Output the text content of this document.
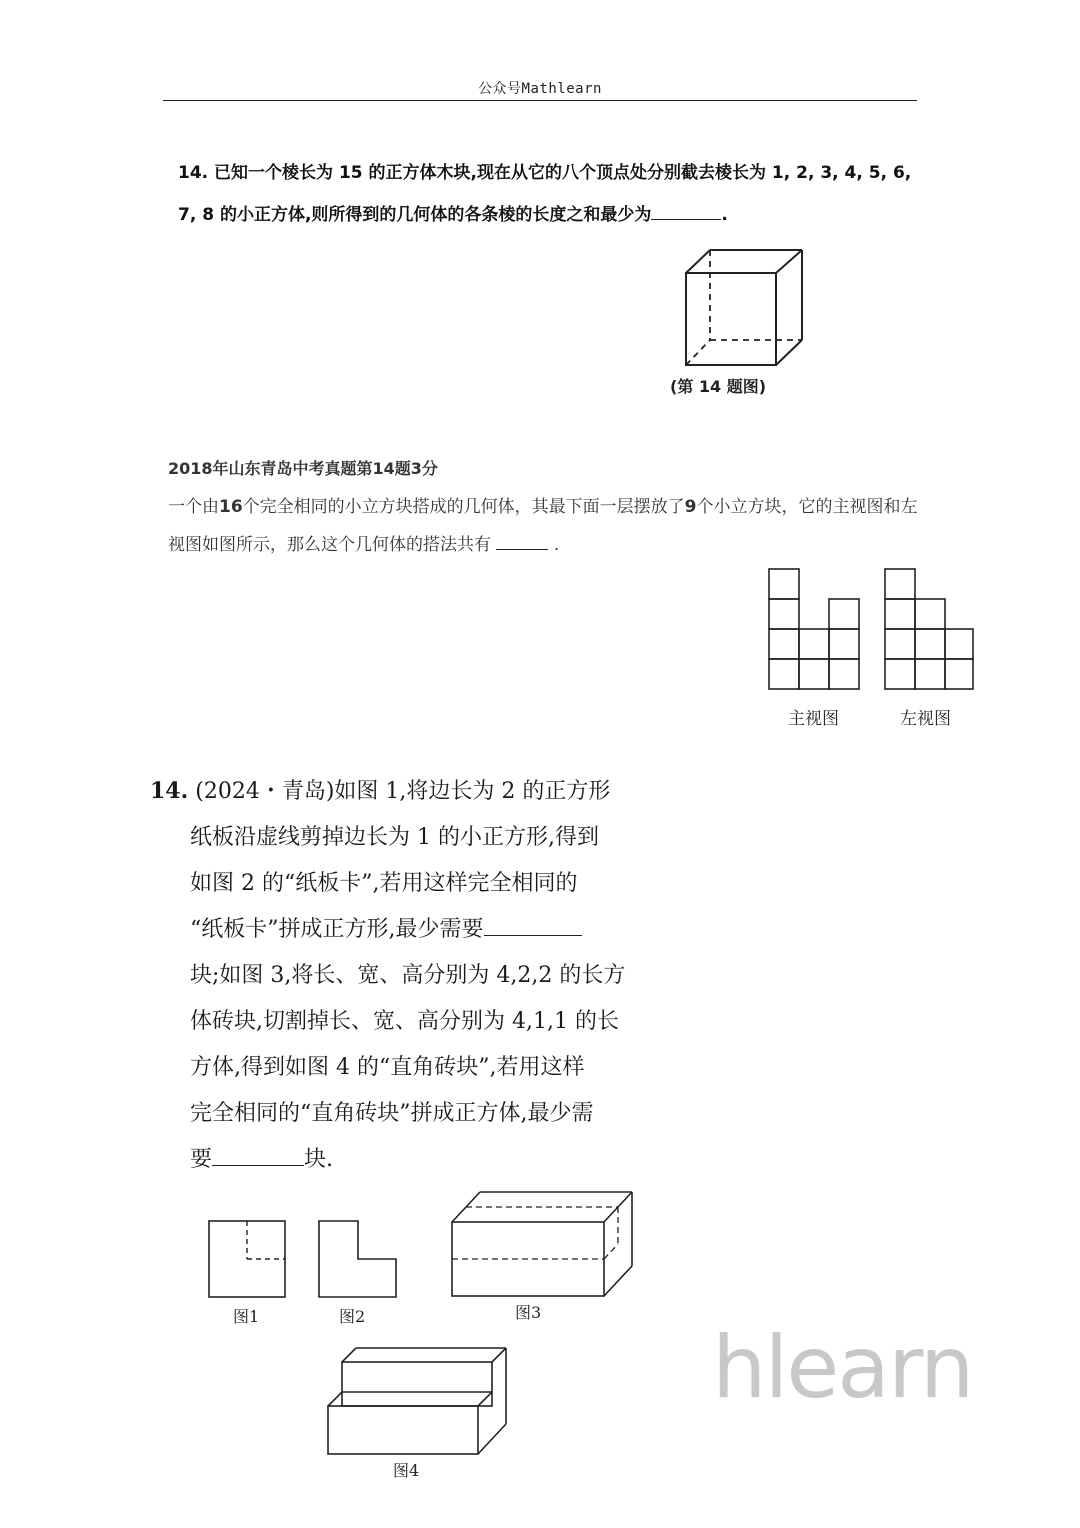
公众号Mathlearn
14. 已知一个棱长为 15 的正方体木块,现在从它的八个顶点处分别截去棱长为 1, 2, 3, 4, 5, 6,
7, 8 的小正方体,则所得到的几何体的各条棱的长度之和最少为	.
(第 14 题图)
2018年山东青岛中考真题第14题3分
一个由16个完全相同的小立方块搭成的几何体，其最下面一层摆放了9个小立方块，它的主视图和左
视图如图所示，那么这个几何体的搭法共有	.
主视图	左视图
14. (2024・青岛)如图 1,将边长为 2 的正方形
纸板沿虚线剪掉边长为 1 的小正方形,得到
如图 2 的“纸板卡”,若用这样完全相同的
“纸板卡”拼成正方形,最少需要
块;如图 3,将长、宽、高分别为 4,2,2 的长方
体砖块,切割掉长、宽、高分别为 4,1,1 的长
方体,得到如图 4 的“直角砖块”,若用这样
完全相同的“直角砖块”拼成正方体,最少需
要	块.
图1	图2	图3
图4
hlearn
